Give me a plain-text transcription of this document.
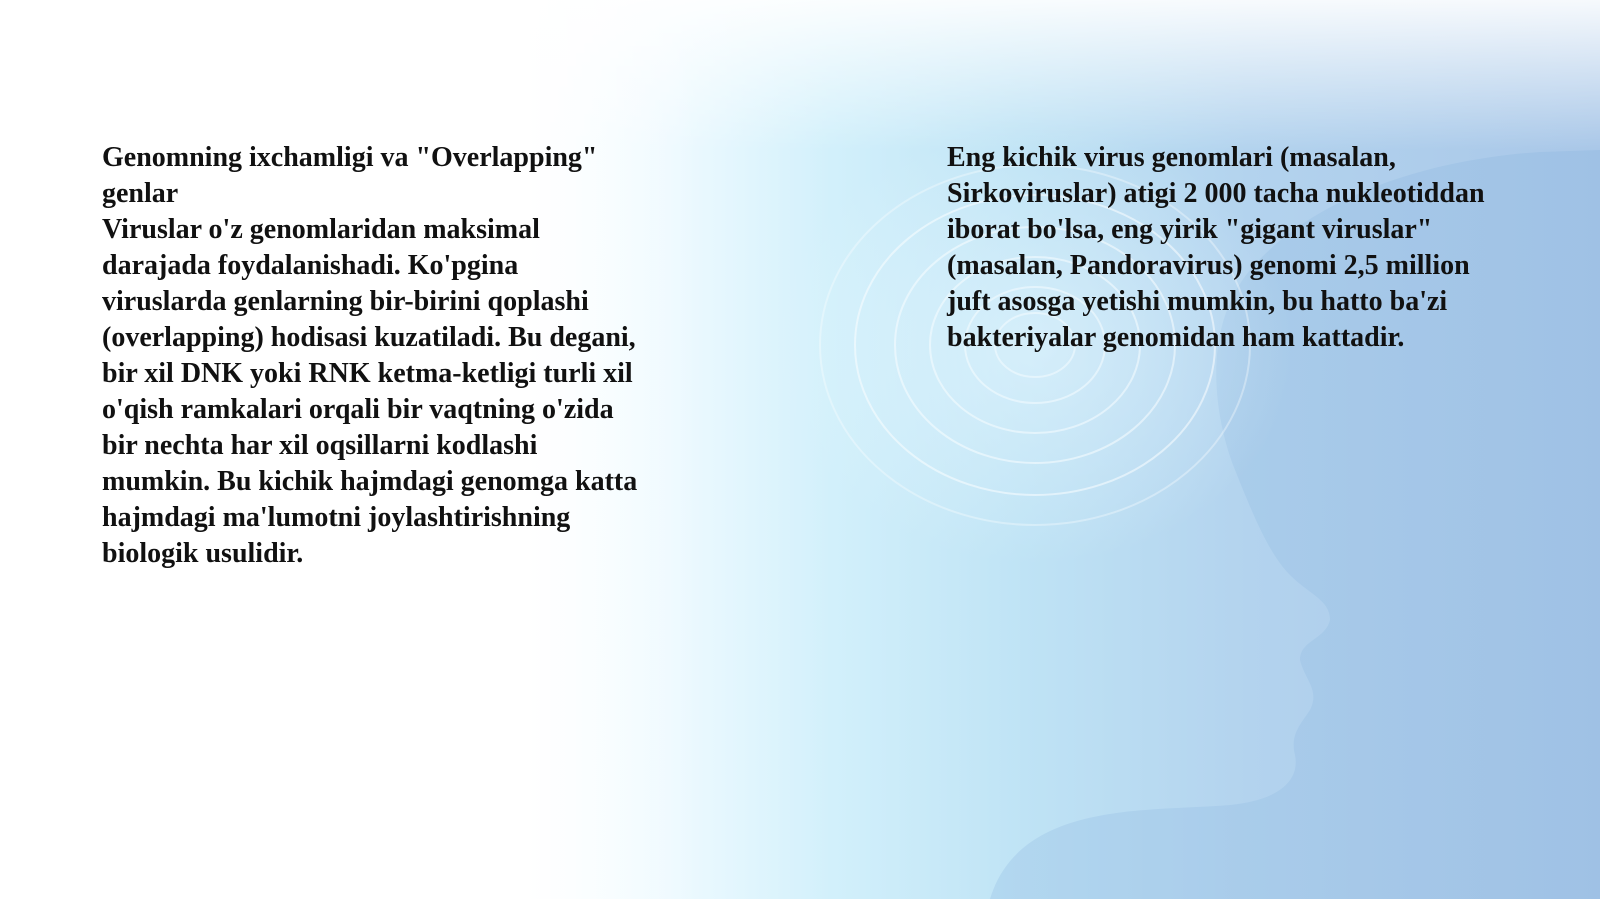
Genomning ixchamligi va "Overlapping" genlar

Viruslar o'z genomlaridan maksimal darajada foydalanishadi. Ko'pgina viruslarda genlarning bir-birini qoplashi (overlapping) hodisasi kuzatiladi. Bu degani, bir xil DNK yoki RNK ketma-ketligi turli xil o'qish ramkalari orqali bir vaqtning o'zida bir nechta har xil oqsillarni kodlashi mumkin. Bu kichik hajmdagi genomga katta hajmdagi ma'lumotni joylashtirishning biologik usulidir.

Eng kichik virus genomlari (masalan, Sirkoviruslar) atigi 2 000 tacha nukleotiddan iborat bo'lsa, eng yirik "gigant viruslar" (masalan, Pandoravirus) genomi 2,5 million juft asosga yetishi mumkin, bu hatto ba'zi bakteriyalar genomidan ham kattadir.
